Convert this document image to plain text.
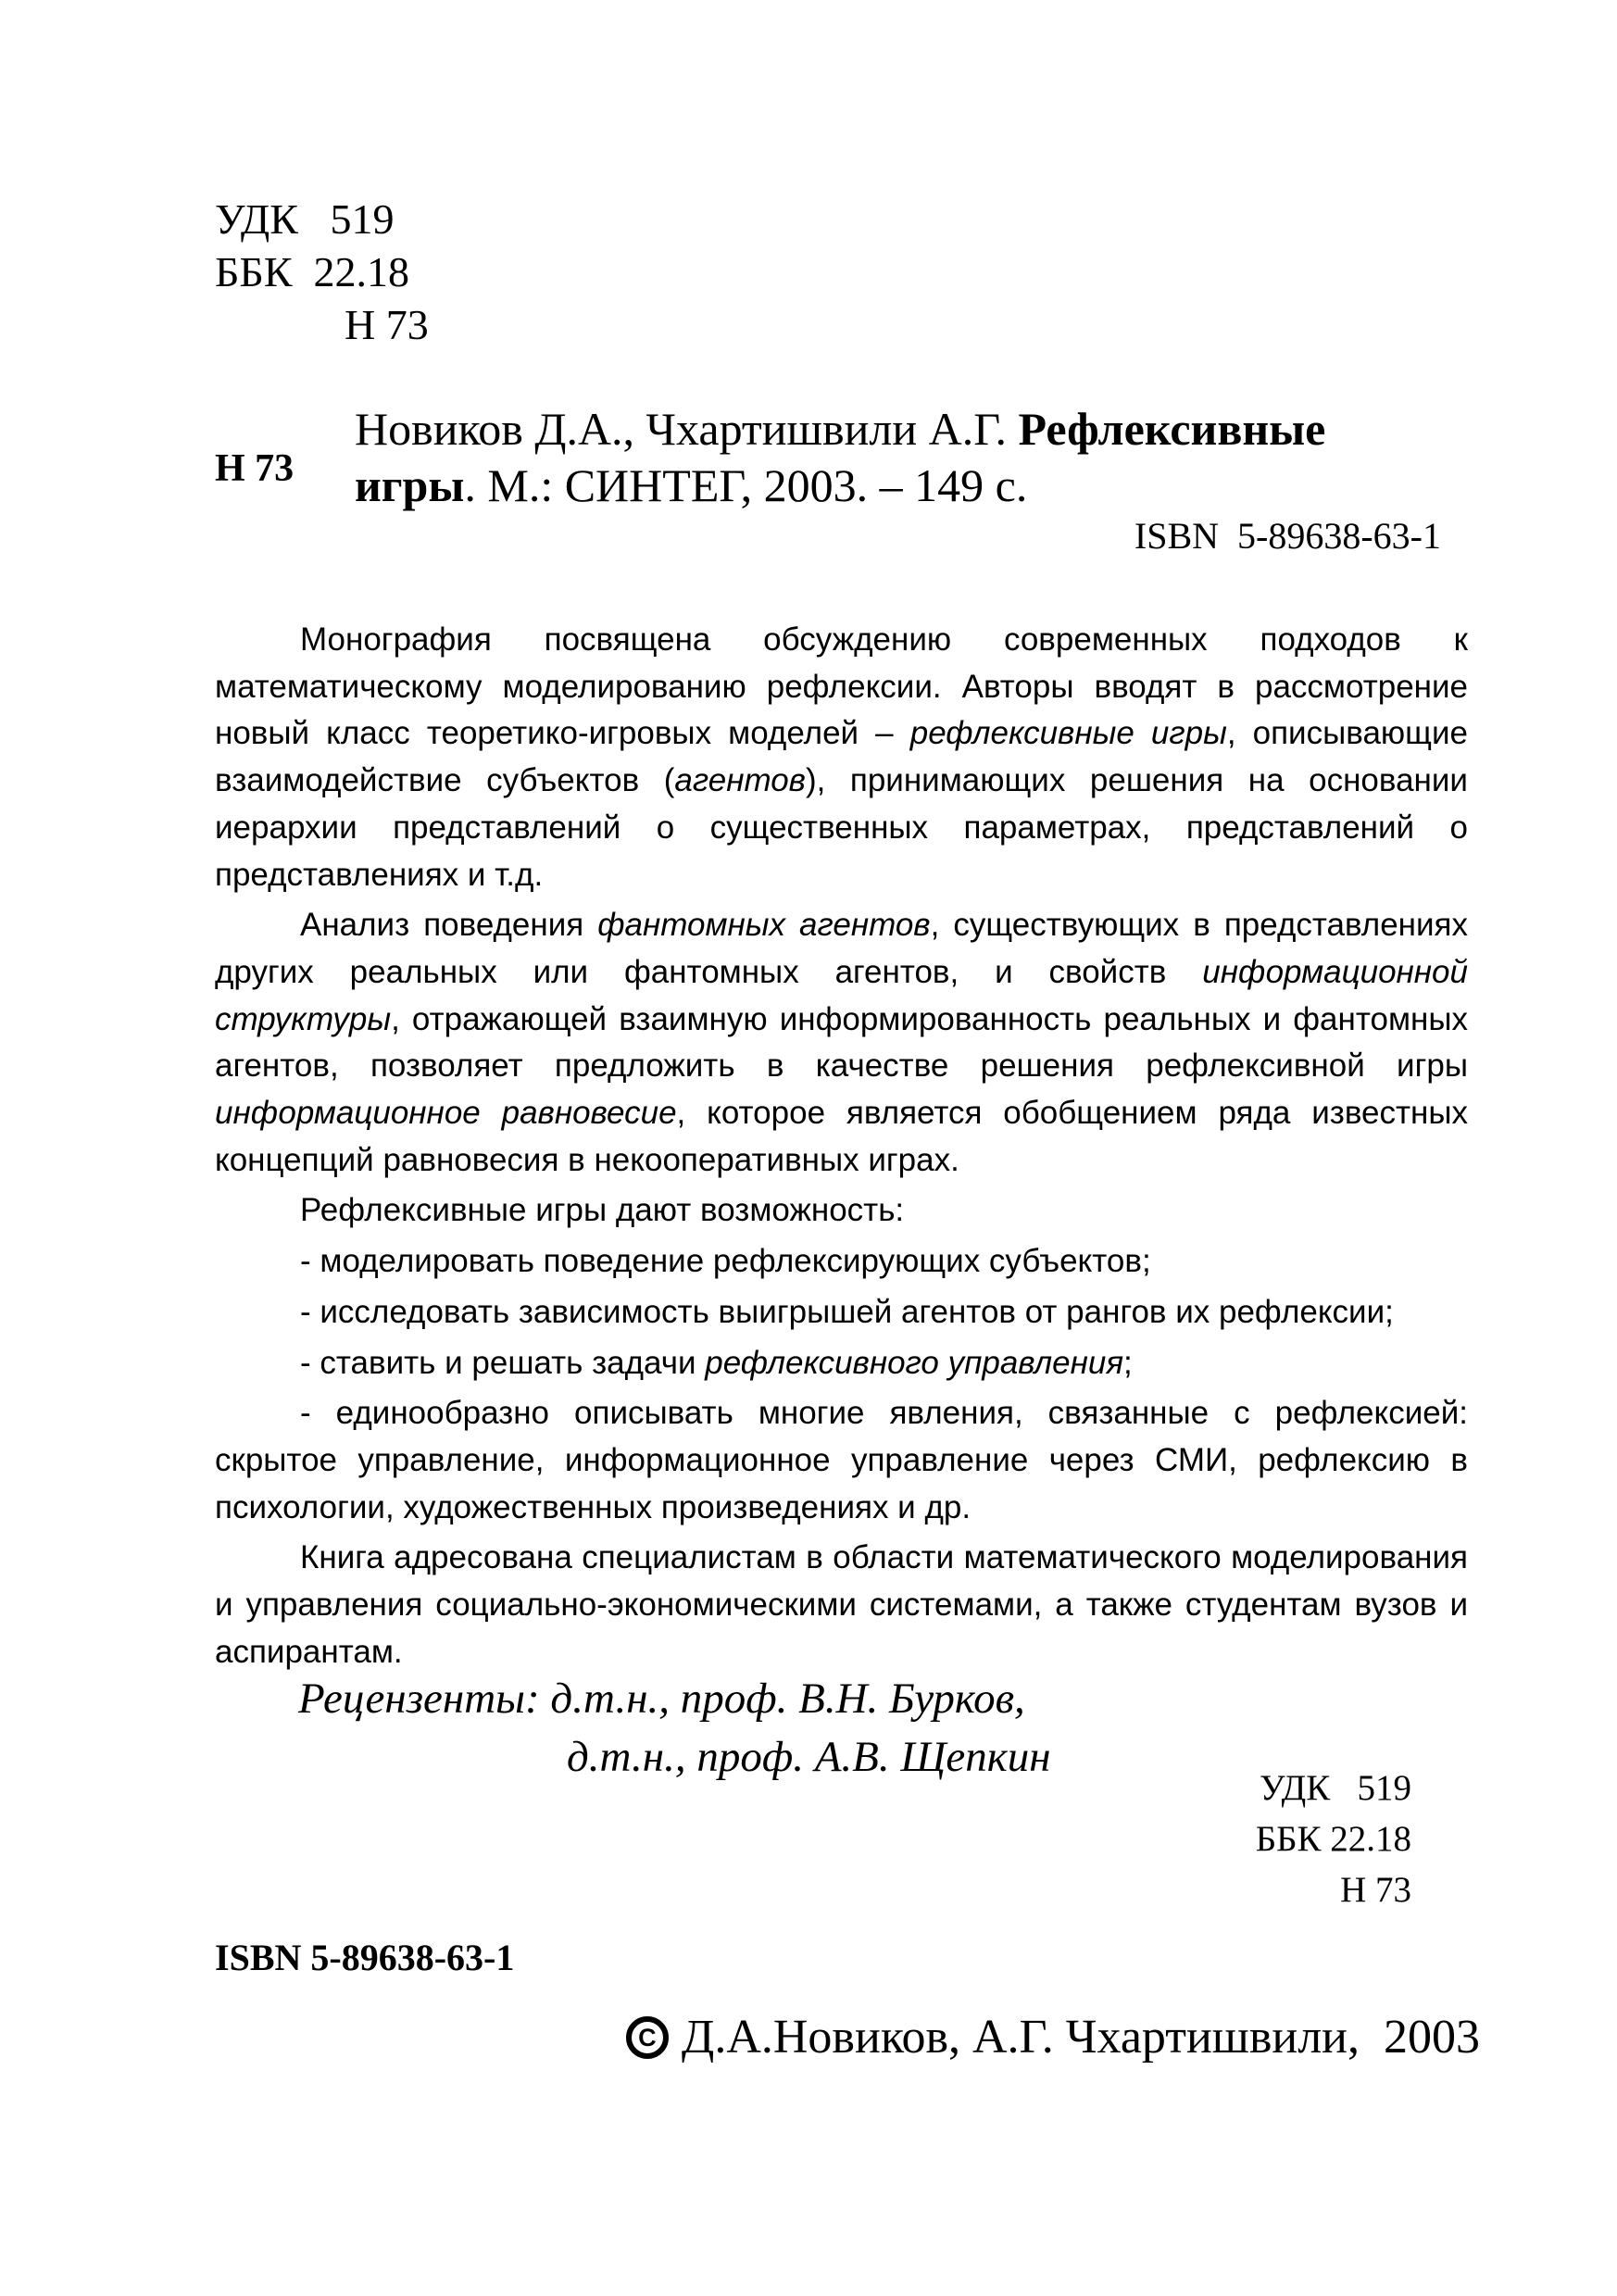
УДК   519
ББК  22.18
Н 73
Н 73
Новиков Д.А., Чхартишвили А.Г. Рефлексивные игры. М.: СИНТЕГ, 2003. – 149 с.
ISBN  5-89638-63-1

Монография посвящена обсуждению современных подходов к математическому моделированию рефлексии. Авторы вводят в рассмотрение новый класс теоретико-игровых моделей – рефлексивные игры, описывающие взаимодействие субъектов (агентов), принимающих решения на основании иерархии представлений о существенных параметрах, представлений о представлениях и т.д.

Анализ поведения фантомных агентов, существующих в представлениях других реальных или фантомных агентов, и свойств информационной структуры, отражающей взаимную информированность реальных и фантомных агентов, позволяет предложить в качестве решения рефлексивной игры информационное равновесие, которое является обобщением ряда известных концепций равновесия в некооперативных играх.

Рефлексивные игры дают возможность:

- моделировать поведение рефлексирующих субъектов;

- исследовать зависимость выигрышей агентов от рангов их рефлексии;

- ставить и решать задачи рефлексивного управления;

- единообразно описывать многие явления, связанные с рефлексией: скрытое управление, информационное управление через СМИ, рефлексию в психологии, художественных произведениях и др.

Книга адресована специалистам в области математического моделирования и управления социально-экономическими системами, а также студентам вузов и аспирантам.

Рецензенты: д.т.н., проф. В.Н. Бурков,
д.т.н., проф. А.В. Щепкин
УДК   519
ББК 22.18
Н 73
ISBN 5-89638-63-1
C Д.А.Новиков, А.Г. Чхартишвили,  2003
